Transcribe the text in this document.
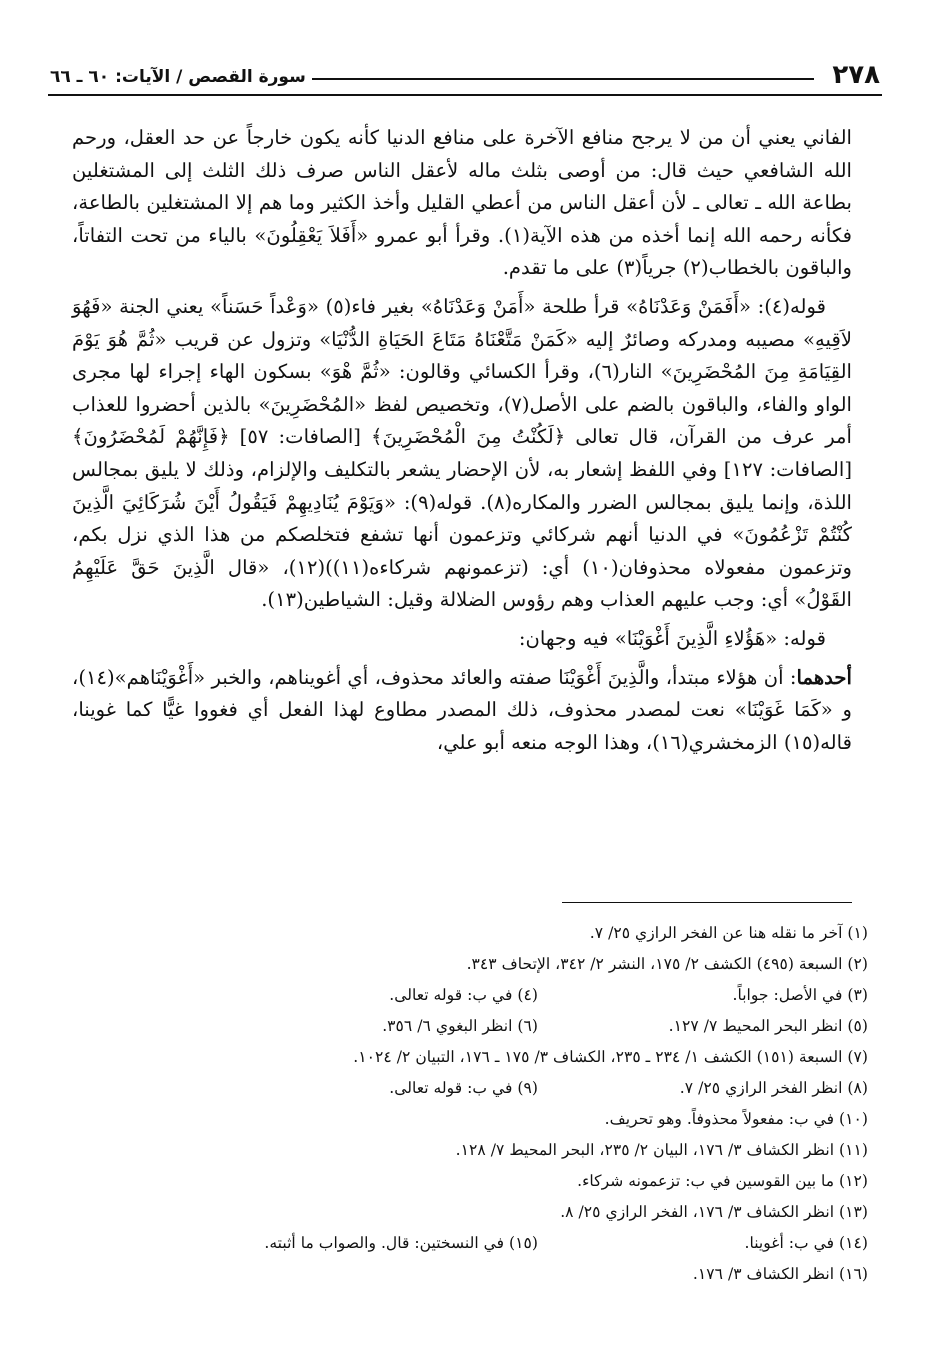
٢٧٨
سورة القصص / الآيات: ٦٠ ـ ٦٦

الفاني يعني أن من لا يرجح منافع الآخرة على منافع الدنيا كأنه يكون خارجاً عن حد العقل، ورحم الله الشافعي حيث قال: من أوصى بثلث ماله لأعقل الناس صرف ذلك الثلث إلى المشتغلين بطاعة الله ـ تعالى ـ لأن أعقل الناس من أعطي القليل وأخذ الكثير وما هم إلا المشتغلين بالطاعة، فكأنه رحمه الله إنما أخذه من هذه الآية(١). وقرأ أبو عمرو «أَفَلاَ يَعْقِلُونَ» بالياء من تحت التفاتاً، والباقون بالخطاب(٢) جرياً(٣) على ما تقدم.

قوله(٤): «أَفَمَنْ وَعَدْنَاهُ» قرأ طلحة «أَمَنْ وَعَدْنَاهُ» بغير فاء(٥) «وَعْداً حَسَناً» يعني الجنة «فَهُوَ لاَقِيهِ» مصيبه ومدركه وصائرٌ إليه «كَمَنْ مَتَّعْنَاهُ مَتَاعَ الحَيَاةِ الدُّنْيَا» وتزول عن قريب «ثُمَّ هُوَ يَوْمَ القِيَامَةِ مِنَ المُحْضَرِينَ» النار(٦)، وقرأ الكسائي وقالون: «ثُمَّ هْوَ» بسكون الهاء إجراء لها مجرى الواو والفاء، والباقون بالضم على الأصل(٧)، وتخصيص لفظ «المُحْضَرِينَ» بالذين أحضروا للعذاب أمر عرف من القرآن، قال تعالى ﴿لَكُنْتُ مِنَ الْمُحْضَرِينَ﴾ [الصافات: ٥٧] ﴿فَإِنَّهُمْ لَمُحْضَرُونَ﴾ [الصافات: ١٢٧] وفي اللفظ إشعار به، لأن الإحضار يشعر بالتكليف والإلزام، وذلك لا يليق بمجالس اللذة، وإنما يليق بمجالس الضرر والمكاره(٨). قوله(٩): «وَيَوْمَ يُنَادِيهِمْ فَيَقُولُ أَيْنَ شُرَكَائِيَ الَّذِينَ كُنْتُمْ تَزْعُمُونَ» في الدنيا أنهم شركائي وتزعمون أنها تشفع فتخلصكم من هذا الذي نزل بكم، وتزعمون مفعولاه محذوفان(١٠) أي: (تزعمونهم شركاءه(١١))(١٢)، «قال الَّذِينَ حَقَّ عَلَيْهِمُ القَوْلُ» أي: وجب عليهم العذاب وهم رؤوس الضلالة وقيل: الشياطين(١٣).

قوله: «هَؤُلاءِ الَّذِينَ أَغْوَيْنَا» فيه وجهان:

أحدهما: أن هؤلاء مبتدأ، والَّذِينَ أَغْوَيْنَا صفته والعائد محذوف، أي أغويناهم، والخبر «أَغْوَيْنَاهم»(١٤)، و «كَمَا غَوَيْنَا» نعت لمصدر محذوف، ذلك المصدر مطاوع لهذا الفعل أي فغووا غيًّا كما غوينا، قاله(١٥) الزمخشري(١٦)، وهذا الوجه منعه أبو علي،

(١) آخر ما نقله هنا عن الفخر الرازي ٢٥/ ٧.
(٢) السبعة (٤٩٥) الكشف ٢/ ١٧٥، النشر ٢/ ٣٤٢، الإتحاف ٣٤٣.
(٣) في الأصل: جواباً.
(٤) في ب: قوله تعالى.
(٥) انظر البحر المحيط ٧/ ١٢٧.
(٦) انظر البغوي ٦/ ٣٥٦.
(٧) السبعة (١٥١) الكشف ١/ ٢٣٤ ـ ٢٣٥، الكشاف ٣/ ١٧٥ ـ ١٧٦، التبيان ٢/ ١٠٢٤.
(٨) انظر الفخر الرازي ٢٥/ ٧.
(٩) في ب: قوله تعالى.
(١٠) في ب: مفعولاً محذوفاً. وهو تحريف.
(١١) انظر الكشاف ٣/ ١٧٦، البيان ٢/ ٢٣٥، البحر المحيط ٧/ ١٢٨.
(١٢) ما بين القوسين في ب: تزعمونه شركاء.
(١٣) انظر الكشاف ٣/ ١٧٦، الفخر الرازي ٢٥/ ٨.
(١٤) في ب: أغوينا.
(١٥) في النسختين: قال. والصواب ما أثبته.
(١٦) انظر الكشاف ٣/ ١٧٦.
